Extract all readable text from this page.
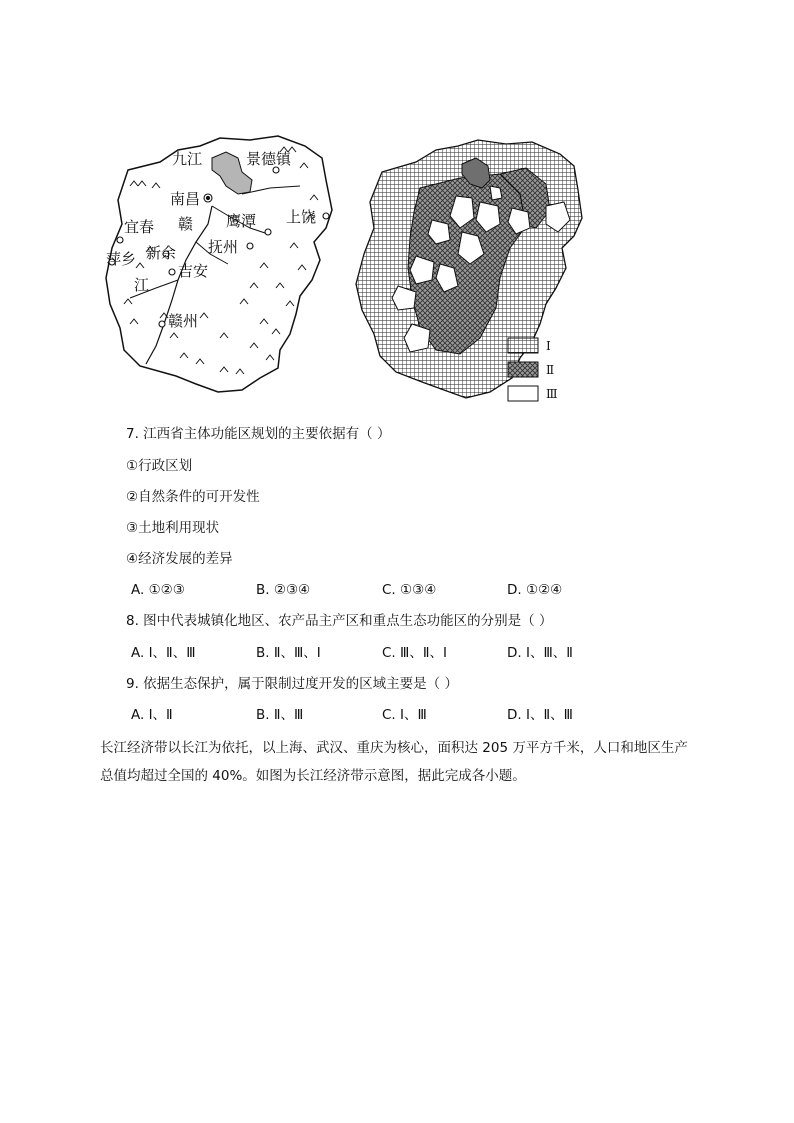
九江	景德镇
南昌
赣 鹰潭 上饶
宜春
新余 抚州
萍乡
吉安
江
赣州
Ⅰ
Ⅱ
Ⅲ
7. 江西省主体功能区规划的主要依据有（ ）
①行政区划
②自然条件的可开发性
③土地利用现状
④经济发展的差异
A. ①②③	B. ②③④	C. ①③④	D. ①②④
8. 图中代表城镇化地区、农产品主产区和重点生态功能区的分别是（ ）
A. Ⅰ、Ⅱ、Ⅲ	B. Ⅱ、Ⅲ、Ⅰ	C. Ⅲ、Ⅱ、Ⅰ	D. Ⅰ、Ⅲ、Ⅱ
9. 依据生态保护，属于限制过度开发的区域主要是（ ）
A. Ⅰ、Ⅱ	B. Ⅱ、Ⅲ	C. Ⅰ、Ⅲ	D. Ⅰ、Ⅱ、Ⅲ
长江经济带以长江为依托，以上海、武汉、重庆为核心，面积达 205 万平方千米，人口和地区生产总值均超过全国的 40%。如图为长江经济带示意图，据此完成各小题。
